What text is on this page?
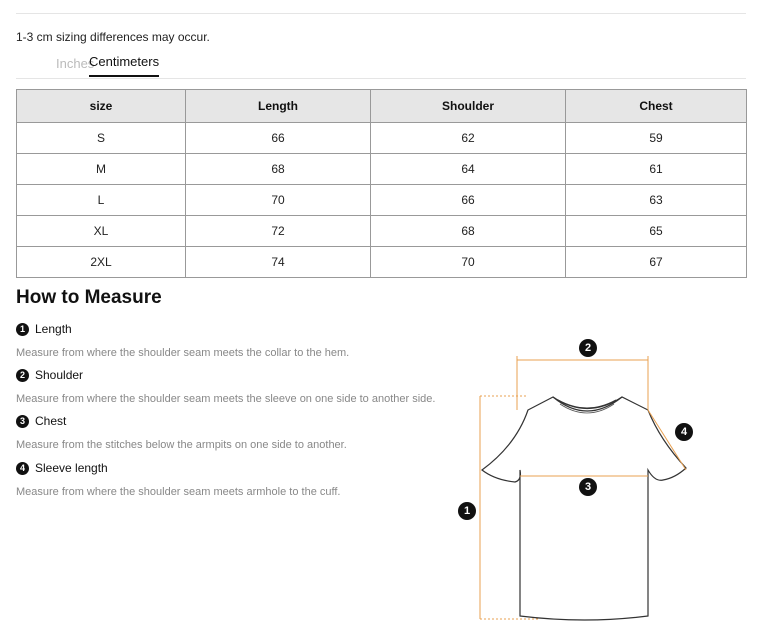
1-3 cm sizing differences may occur.
Inches
Centimeters
size	Length	Shoulder	Chest
S	66	62	59
M	68	64	61
L	70	66	63
XL	72	68	65
2XL	74	70	67
How to Measure
1 Length
Measure from where the shoulder seam meets the collar to the hem.
2 Shoulder
Measure from where the shoulder seam meets the sleeve on one side to another side.
3 Chest
Measure from the stitches below the armpits on one side to another.
4 Sleeve length
Measure from where the shoulder seam meets armhole to the cuff.
2
3
4
1
